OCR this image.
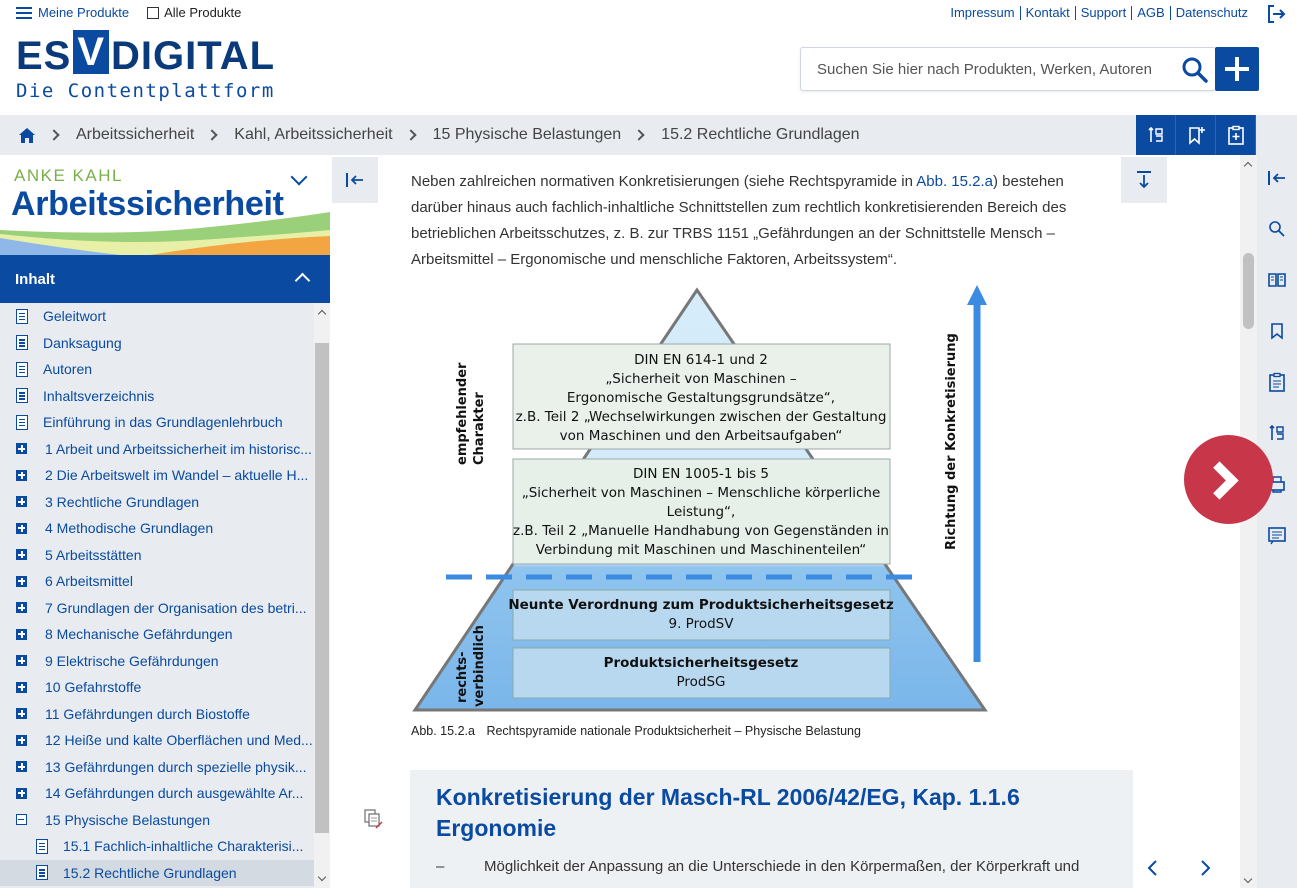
Meine Produkte	Alle Produkte	Impressum Kontakt Support AGB Datenschutz
ES V DIGITAL
Die Contentplattform
Suchen Sie hier nach Produkten, Werken, Autoren
Arbeitssicherheit	Kahl, Arbeitssicherheit	15 Physische Belastungen	15.2 Rechtliche Grundlagen
ANKE KAHL
Arbeitssicherheit
Inhalt
Geleitwort
Danksagung
Autoren
Inhaltsverzeichnis
Einführung in das Grundlagenlehrbuch
1 Arbeit und Arbeitssicherheit im historisc...
2 Die Arbeitswelt im Wandel – aktuelle H...
3 Rechtliche Grundlagen
4 Methodische Grundlagen
5 Arbeitsstätten
6 Arbeitsmittel
7 Grundlagen der Organisation des betri...
8 Mechanische Gefährdungen
9 Elektrische Gefährdungen
10 Gefahrstoffe
11 Gefährdungen durch Biostoffe
12 Heiße und kalte Oberflächen und Med...
13 Gefährdungen durch spezielle physik...
14 Gefährdungen durch ausgewählte Ar...
15 Physische Belastungen
15.1 Fachlich-inhaltliche Charakterisi...
15.2 Rechtliche Grundlagen

Neben zahlreichen normativen Konkretisierungen (siehe Rechtspyramide in Abb. 15.2.a) bestehen darüber hinaus auch fachlich-inhaltliche Schnittstellen zum rechtlich konkretisierenden Bereich des betrieblichen Arbeitsschutzes, z. B. zur TRBS 1151 „Gefährdungen an der Schnittstelle Mensch – Arbeitsmittel – Ergonomische und menschliche Faktoren, Arbeitssystem“.

DIN EN 614-1 und 2
„Sicherheit von Maschinen –
Ergonomische Gestaltungsgrundsätze“,
z.B. Teil 2 „Wechselwirkungen zwischen der Gestaltung
von Maschinen und den Arbeitsaufgaben“
DIN EN 1005-1 bis 5
„Sicherheit von Maschinen – Menschliche körperliche
Leistung“,
z.B. Teil 2 „Manuelle Handhabung von Gegenständen in
Verbindung mit Maschinen und Maschinenteilen“
Neunte Verordnung zum Produktsicherheitsgesetz
9. ProdSV
Produktsicherheitsgesetz
ProdSG
empfehlender Charakter
rechts- verbindlich
Richtung der Konkretisierung
Abb. 15.2.a Rechtspyramide nationale Produktsicherheit – Physische Belastung
Konkretisierung der Masch-RL 2006/42/EG, Kap. 1.1.6 Ergonomie
–	Möglichkeit der Anpassung an die Unterschiede in den Körpermaßen, der Körperkraft und
